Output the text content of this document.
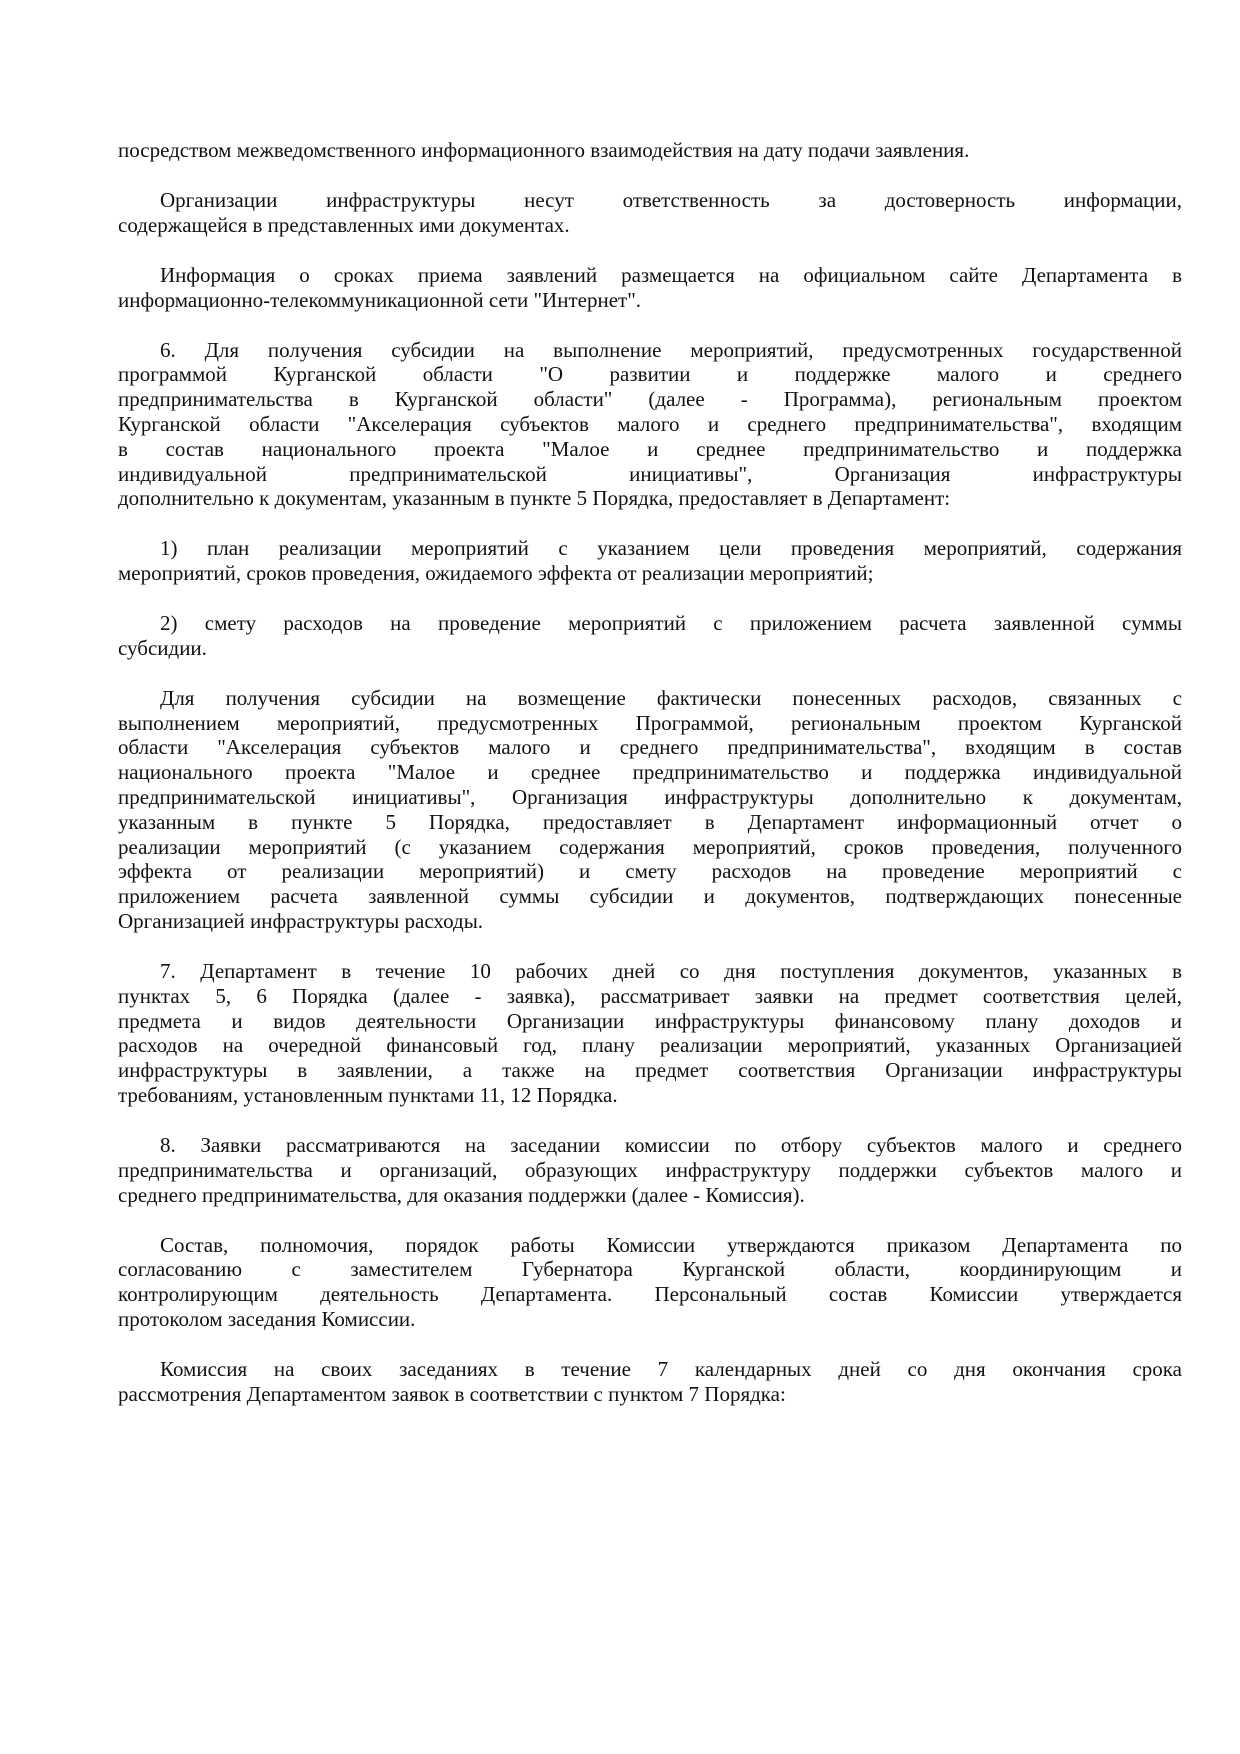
посредством межведомственного информационного взаимодействия на дату подачи заявления.
Организации инфраструктуры несут ответственность за достоверность информации,
содержащейся в представленных ими документах.
Информация о сроках приема заявлений размещается на официальном сайте Департамента в
информационно-телекоммуникационной сети "Интернет".
6. Для получения субсидии на выполнение мероприятий, предусмотренных государственной
программой Курганской области "О развитии и поддержке малого и среднего
предпринимательства в Курганской области" (далее - Программа), региональным проектом
Курганской области "Акселерация субъектов малого и среднего предпринимательства", входящим
в состав национального проекта "Малое и среднее предпринимательство и поддержка
индивидуальной предпринимательской инициативы", Организация инфраструктуры
дополнительно к документам, указанным в пункте 5 Порядка, предоставляет в Департамент:
1) план реализации мероприятий с указанием цели проведения мероприятий, содержания
мероприятий, сроков проведения, ожидаемого эффекта от реализации мероприятий;
2) смету расходов на проведение мероприятий с приложением расчета заявленной суммы
субсидии.
Для получения субсидии на возмещение фактически понесенных расходов, связанных с
выполнением мероприятий, предусмотренных Программой, региональным проектом Курганской
области "Акселерация субъектов малого и среднего предпринимательства", входящим в состав
национального проекта "Малое и среднее предпринимательство и поддержка индивидуальной
предпринимательской инициативы", Организация инфраструктуры дополнительно к документам,
указанным в пункте 5 Порядка, предоставляет в Департамент информационный отчет о
реализации мероприятий (с указанием содержания мероприятий, сроков проведения, полученного
эффекта от реализации мероприятий) и смету расходов на проведение мероприятий с
приложением расчета заявленной суммы субсидии и документов, подтверждающих понесенные
Организацией инфраструктуры расходы.
7. Департамент в течение 10 рабочих дней со дня поступления документов, указанных в
пунктах 5, 6 Порядка (далее - заявка), рассматривает заявки на предмет соответствия целей,
предмета и видов деятельности Организации инфраструктуры финансовому плану доходов и
расходов на очередной финансовый год, плану реализации мероприятий, указанных Организацией
инфраструктуры в заявлении, а также на предмет соответствия Организации инфраструктуры
требованиям, установленным пунктами 11, 12 Порядка.
8. Заявки рассматриваются на заседании комиссии по отбору субъектов малого и среднего
предпринимательства и организаций, образующих инфраструктуру поддержки субъектов малого и
среднего предпринимательства, для оказания поддержки (далее - Комиссия).
Состав, полномочия, порядок работы Комиссии утверждаются приказом Департамента по
согласованию с заместителем Губернатора Курганской области, координирующим и
контролирующим деятельность Департамента. Персональный состав Комиссии утверждается
протоколом заседания Комиссии.
Комиссия на своих заседаниях в течение 7 календарных дней со дня окончания срока
рассмотрения Департаментом заявок в соответствии с пунктом 7 Порядка:
